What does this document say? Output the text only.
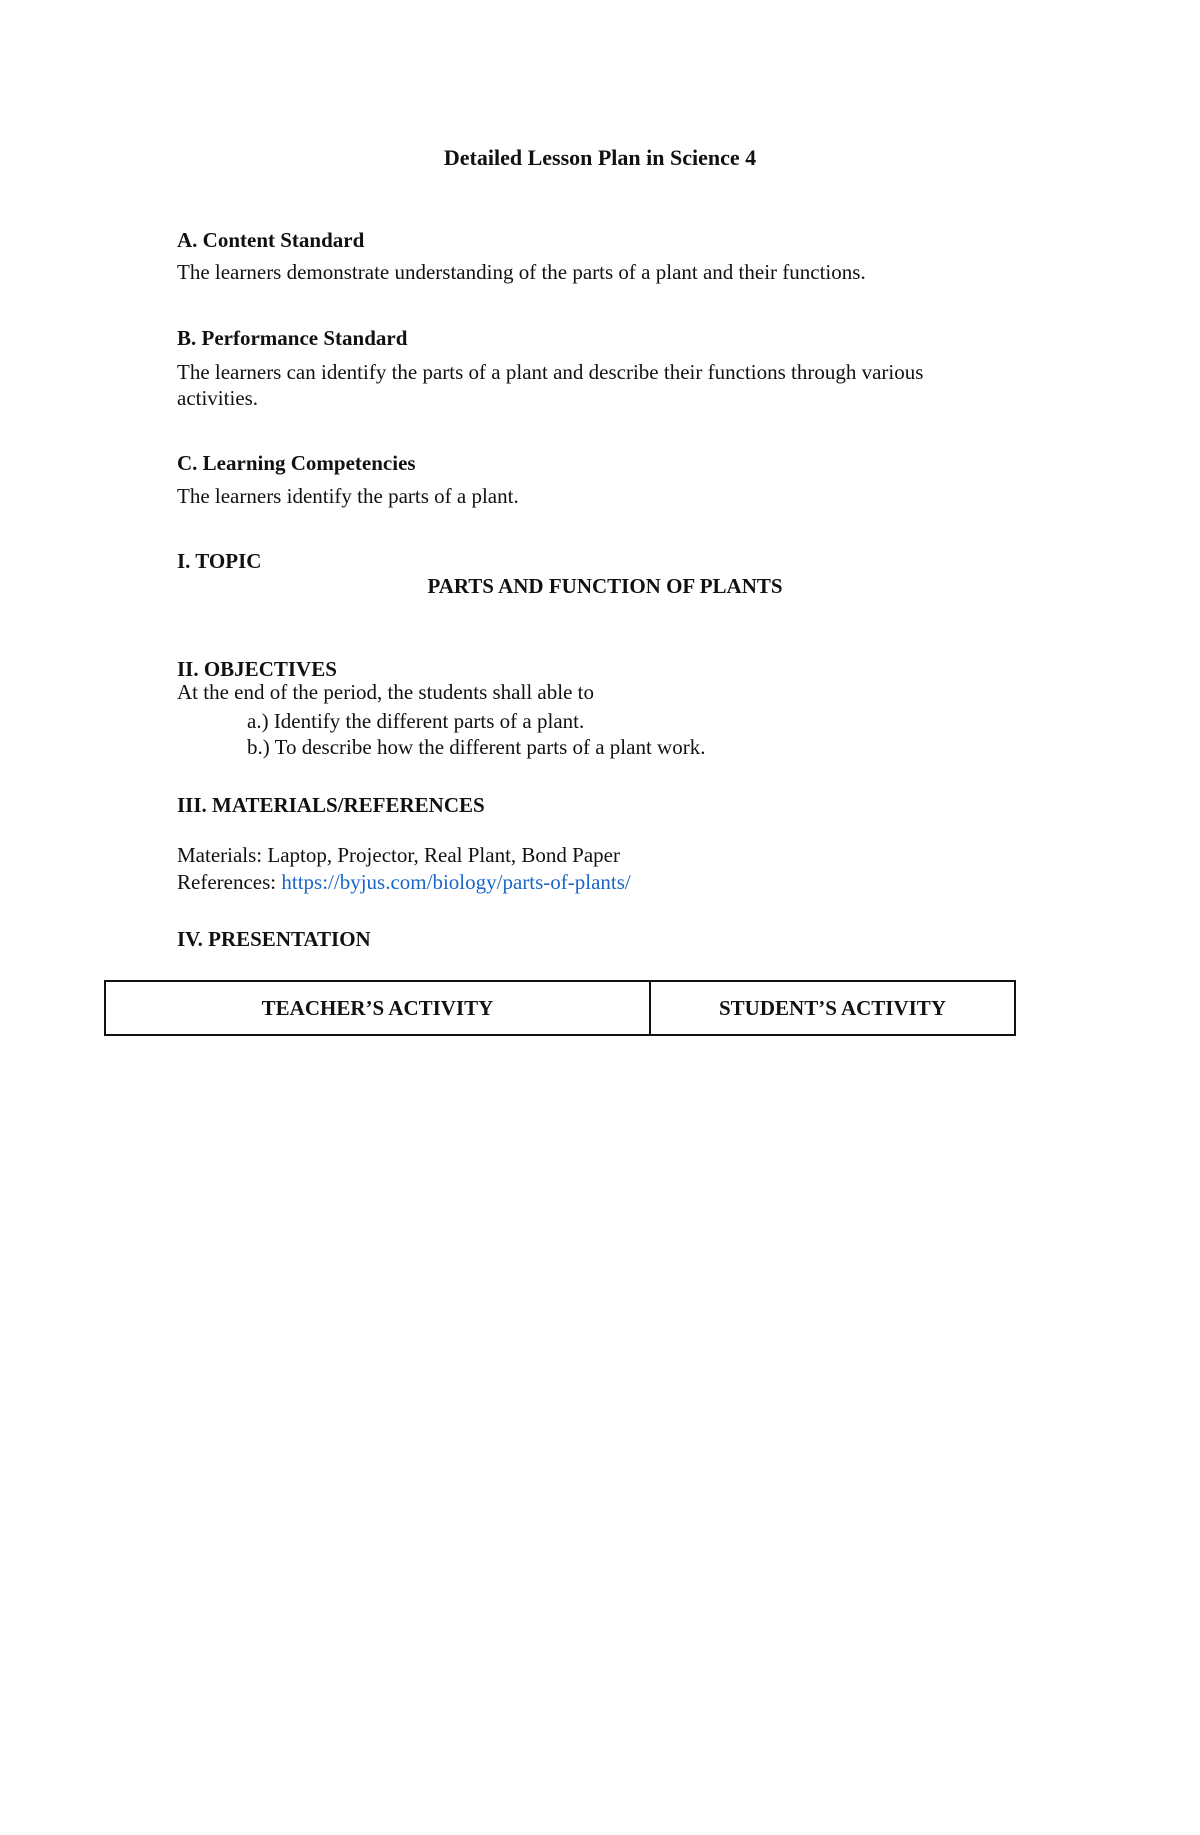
Detailed Lesson Plan in Science 4
A. Content Standard
The learners demonstrate understanding of the parts of a plant and their functions.
B. Performance Standard
The learners can identify the parts of a plant and describe their functions through various activities.
C. Learning Competencies
The learners identify the parts of a plant.
I. TOPIC
PARTS AND FUNCTION OF PLANTS
II. OBJECTIVES
At the end of the period, the students shall able to
a.) Identify the different parts of a plant.
b.) To describe how the different parts of a plant work.
III. MATERIALS/REFERENCES
Materials: Laptop, Projector, Real Plant, Bond Paper
References: https://byjus.com/biology/parts-of-plants/
IV. PRESENTATION
TEACHER’S ACTIVITY	STUDENT’S ACTIVITY
